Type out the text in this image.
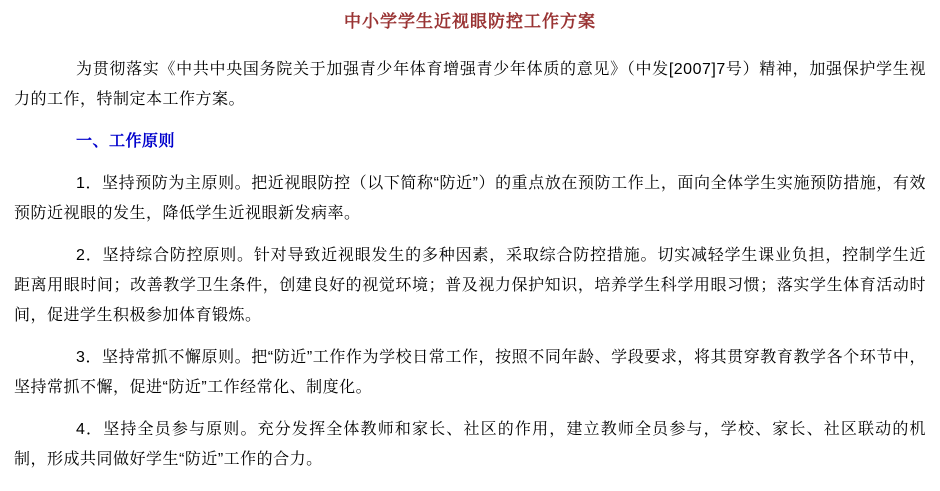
中小学学生近视眼防控工作方案

为贯彻落实《中共中央国务院关于加强青少年体育增强青少年体质的意见》（中发[2007]7号）精神，加强保护学生视力的工作，特制定本工作方案。

一、工作原则

1．坚持预防为主原则。把近视眼防控（以下简称“防近”）的重点放在预防工作上，面向全体学生实施预防措施，有效预防近视眼的发生，降低学生近视眼新发病率。

2．坚持综合防控原则。针对导致近视眼发生的多种因素，采取综合防控措施。切实减轻学生课业负担，控制学生近距离用眼时间；改善教学卫生条件，创建良好的视觉环境；普及视力保护知识，培养学生科学用眼习惯；落实学生体育活动时间，促进学生积极参加体育锻炼。

3．坚持常抓不懈原则。把“防近”工作作为学校日常工作，按照不同年龄、学段要求，将其贯穿教育教学各个环节中，坚持常抓不懈，促进“防近”工作经常化、制度化。

4．坚持全员参与原则。充分发挥全体教师和家长、社区的作用，建立教师全员参与，学校、家长、社区联动的机制，形成共同做好学生“防近”工作的合力。
